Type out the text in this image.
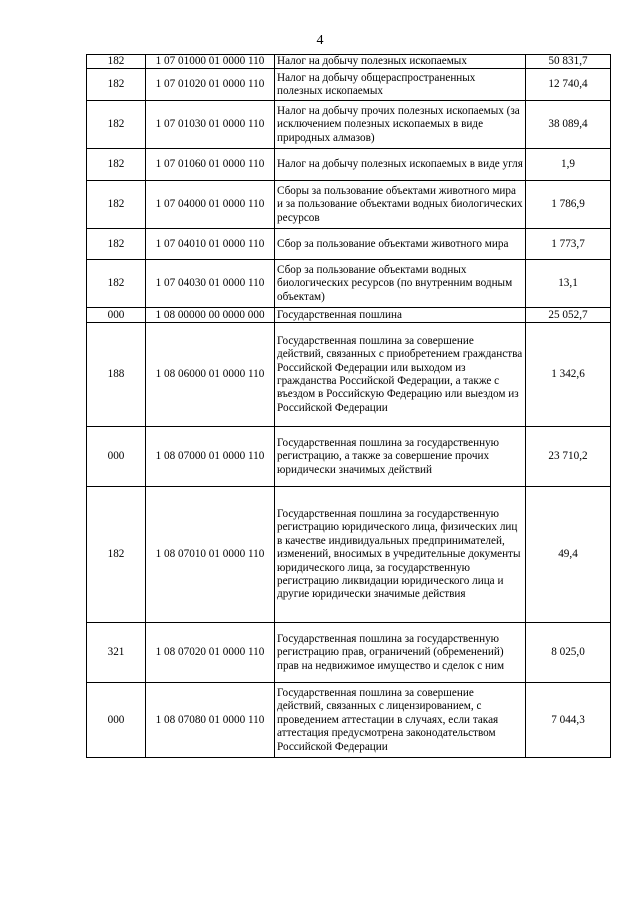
4
182	1 07 01000 01 0000 110	Налог на добычу полезных ископаемых	50 831,7
182	1 07 01020 01 0000 110	Налог на добычу общераспространенных полезных ископаемых	12 740,4
182	1 07 01030 01 0000 110	Налог на добычу прочих полезных ископаемых (за исключением полезных ископаемых в виде природных алмазов)	38 089,4
182	1 07 01060 01 0000 110	Налог на добычу полезных ископаемых в виде угля	1,9
182	1 07 04000 01 0000 110	Сборы за пользование объектами животного мира и за пользование объектами водных биологических ресурсов	1 786,9
182	1 07 04010 01 0000 110	Сбор за пользование объектами животного мира	1 773,7
182	1 07 04030 01 0000 110	Сбор за пользование объектами водных биологических ресурсов (по внутренним водным объектам)	13,1
000	1 08 00000 00 0000 000	Государственная пошлина	25 052,7
188	1 08 06000 01 0000 110	Государственная пошлина за совершение действий, связанных с приобретением гражданства Российской Федерации или выходом из гражданства Российской Федерации, а также с въездом в Российскую Федерацию или выездом из Российской Федерации	1 342,6
000	1 08 07000 01 0000 110	Государственная пошлина за государственную регистрацию, а также за совершение прочих юридически значимых действий	23 710,2
182	1 08 07010 01 0000 110	Государственная пошлина за государственную регистрацию юридического лица, физических лиц в качестве индивидуальных предпринимателей, изменений, вносимых в учредительные документы юридического лица, за государственную регистрацию ликвидации юридического лица и другие юридически значимые действия	49,4
321	1 08 07020 01 0000 110	Государственная пошлина за государственную регистрацию прав, ограничений (обременений) прав на недвижимое имущество и сделок с ним	8 025,0
000	1 08 07080 01 0000 110	Государственная пошлина за совершение действий, связанных с лицензированием, с проведением аттестации в случаях, если такая аттестация предусмотрена законодательством Российской Федерации	7 044,3
